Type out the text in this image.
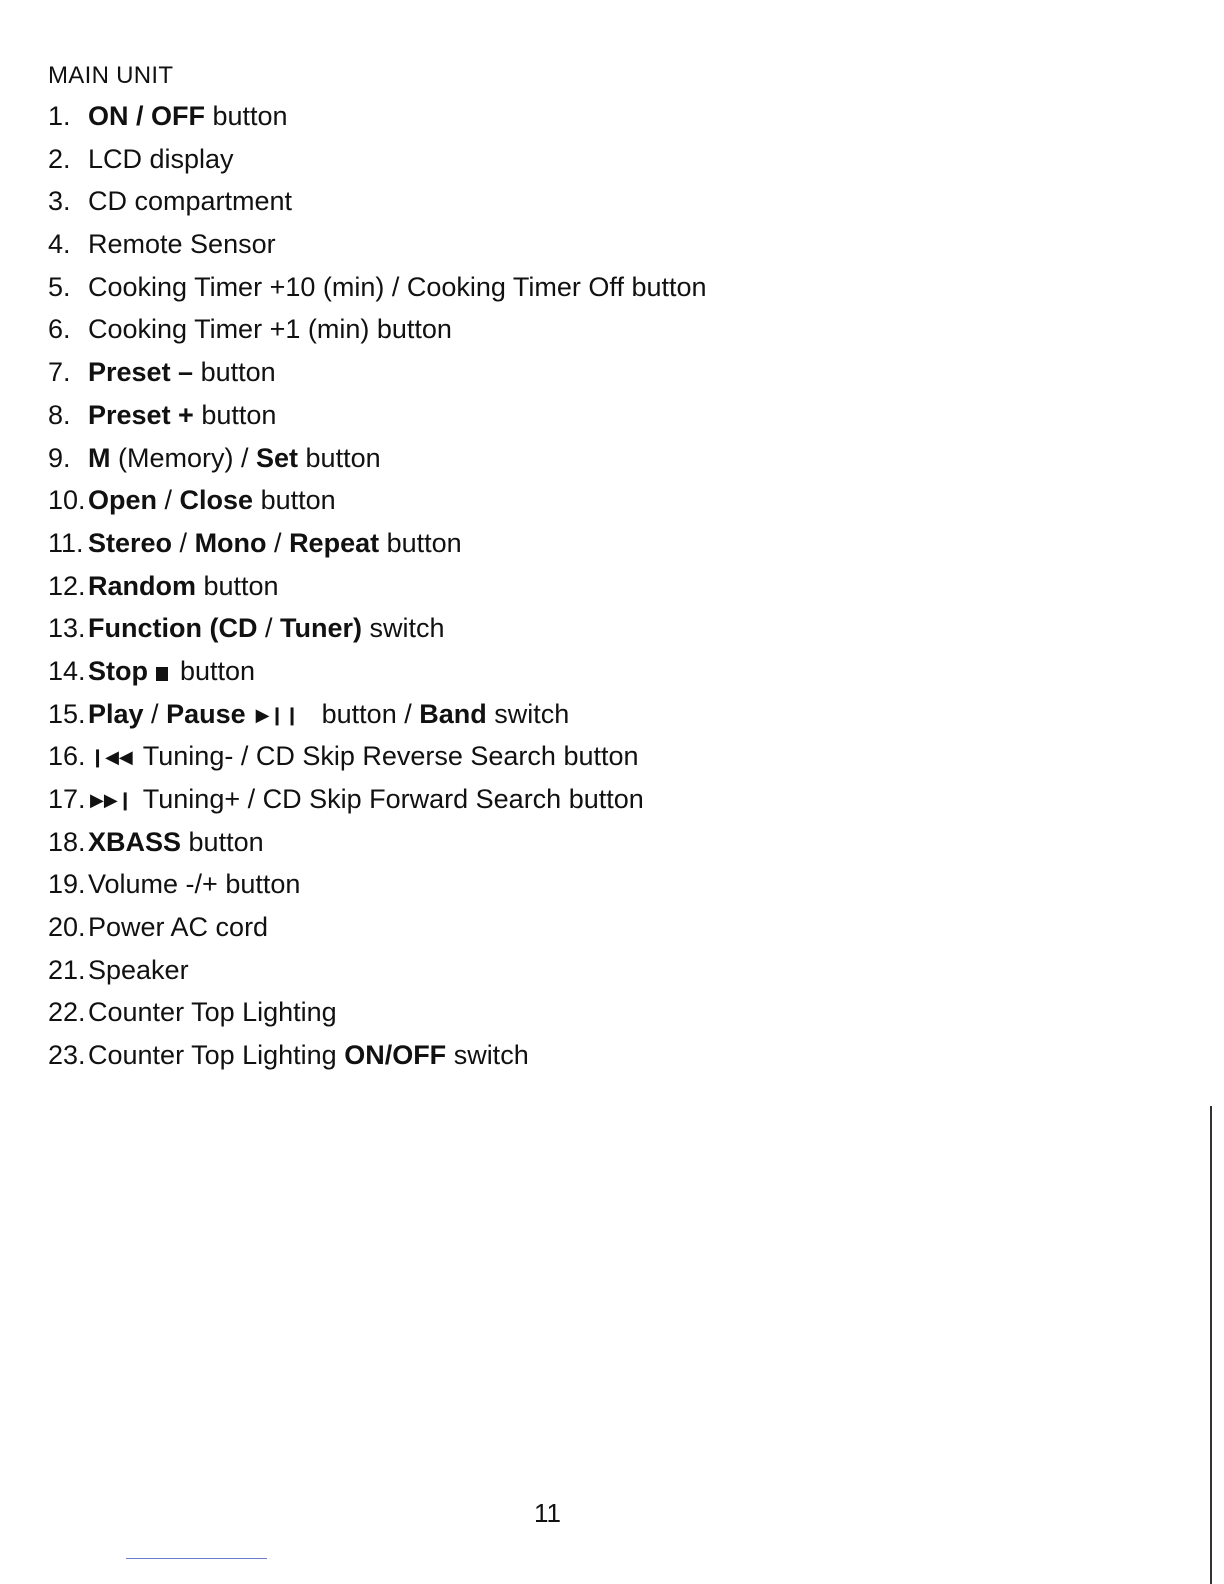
MAIN UNIT
1. ON / OFF button
2. LCD display
3. CD compartment
4. Remote Sensor
5. Cooking Timer +10 (min) / Cooking Timer Off button
6. Cooking Timer +1 (min) button
7. Preset – button
8. Preset + button
9. M (Memory) / Set button
10.Open / Close button
11. Stereo / Mono / Repeat button
12.Random button
13.Function (CD / Tuner) switch
14.Stop button
15.Play / Pause ▶❙❙ button / Band switch
16. ❙◀◀ Tuning- / CD Skip Reverse Search button
17. ▶▶❙ Tuning+ / CD Skip Forward Search button
18.XBASS button
19.Volume -/+ button
20.Power AC cord
21.Speaker
22.Counter Top Lighting
23.Counter Top Lighting ON/OFF switch
11
